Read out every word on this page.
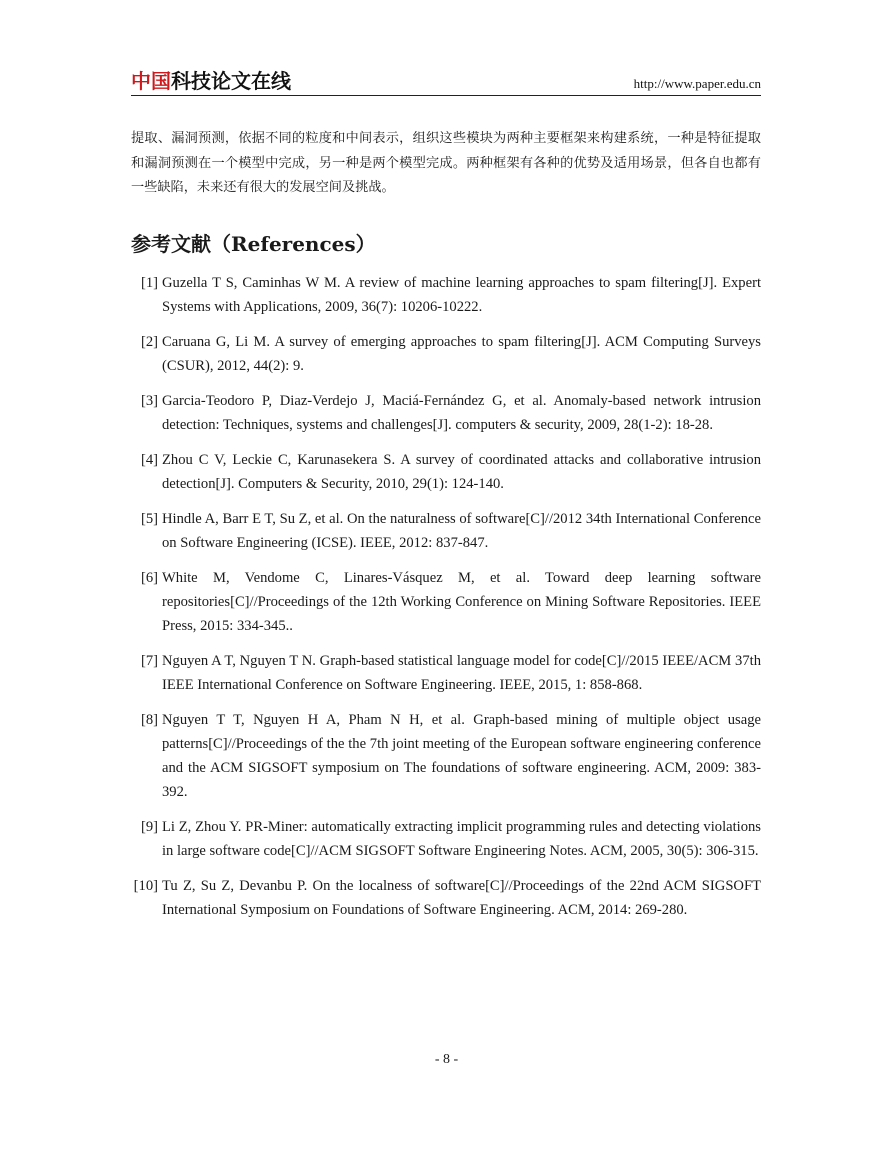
中国科技论文在线	http://www.paper.edu.cn
提取、漏洞预测，依据不同的粒度和中间表示，组织这些模块为两种主要框架来构建系统，一种是特征提取和漏洞预测在一个模型中完成，另一种是两个模型完成。两种框架有各种的优势及适用场景，但各自也都有一些缺陷，未来还有很大的发展空间及挑战。
参考文献（References）
[1] Guzella T S, Caminhas W M. A review of machine learning approaches to spam filtering[J]. Expert Systems with Applications, 2009, 36(7): 10206-10222.
[2] Caruana G, Li M. A survey of emerging approaches to spam filtering[J]. ACM Computing Surveys (CSUR), 2012, 44(2): 9.
[3] Garcia-Teodoro P, Diaz-Verdejo J, Maciá-Fernández G, et al. Anomaly-based network intrusion detection: Techniques, systems and challenges[J]. computers & security, 2009, 28(1-2): 18-28.
[4] Zhou C V, Leckie C, Karunasekera S. A survey of coordinated attacks and collaborative intrusion detection[J]. Computers & Security, 2010, 29(1): 124-140.
[5] Hindle A, Barr E T, Su Z, et al. On the naturalness of software[C]//2012 34th International Conference on Software Engineering (ICSE). IEEE, 2012: 837-847.
[6] White M, Vendome C, Linares-Vásquez M, et al. Toward deep learning software repositories[C]//Proceedings of the 12th Working Conference on Mining Software Repositories. IEEE Press, 2015: 334-345..
[7] Nguyen A T, Nguyen T N. Graph-based statistical language model for code[C]//2015 IEEE/ACM 37th IEEE International Conference on Software Engineering. IEEE, 2015, 1: 858-868.
[8] Nguyen T T, Nguyen H A, Pham N H, et al. Graph-based mining of multiple object usage patterns[C]//Proceedings of the the 7th joint meeting of the European software engineering conference and the ACM SIGSOFT symposium on The foundations of software engineering. ACM, 2009: 383-392.
[9] Li Z, Zhou Y. PR-Miner: automatically extracting implicit programming rules and detecting violations in large software code[C]//ACM SIGSOFT Software Engineering Notes. ACM, 2005, 30(5): 306-315.
[10] Tu Z, Su Z, Devanbu P. On the localness of software[C]//Proceedings of the 22nd ACM SIGSOFT International Symposium on Foundations of Software Engineering. ACM, 2014: 269-280.
- 8 -
